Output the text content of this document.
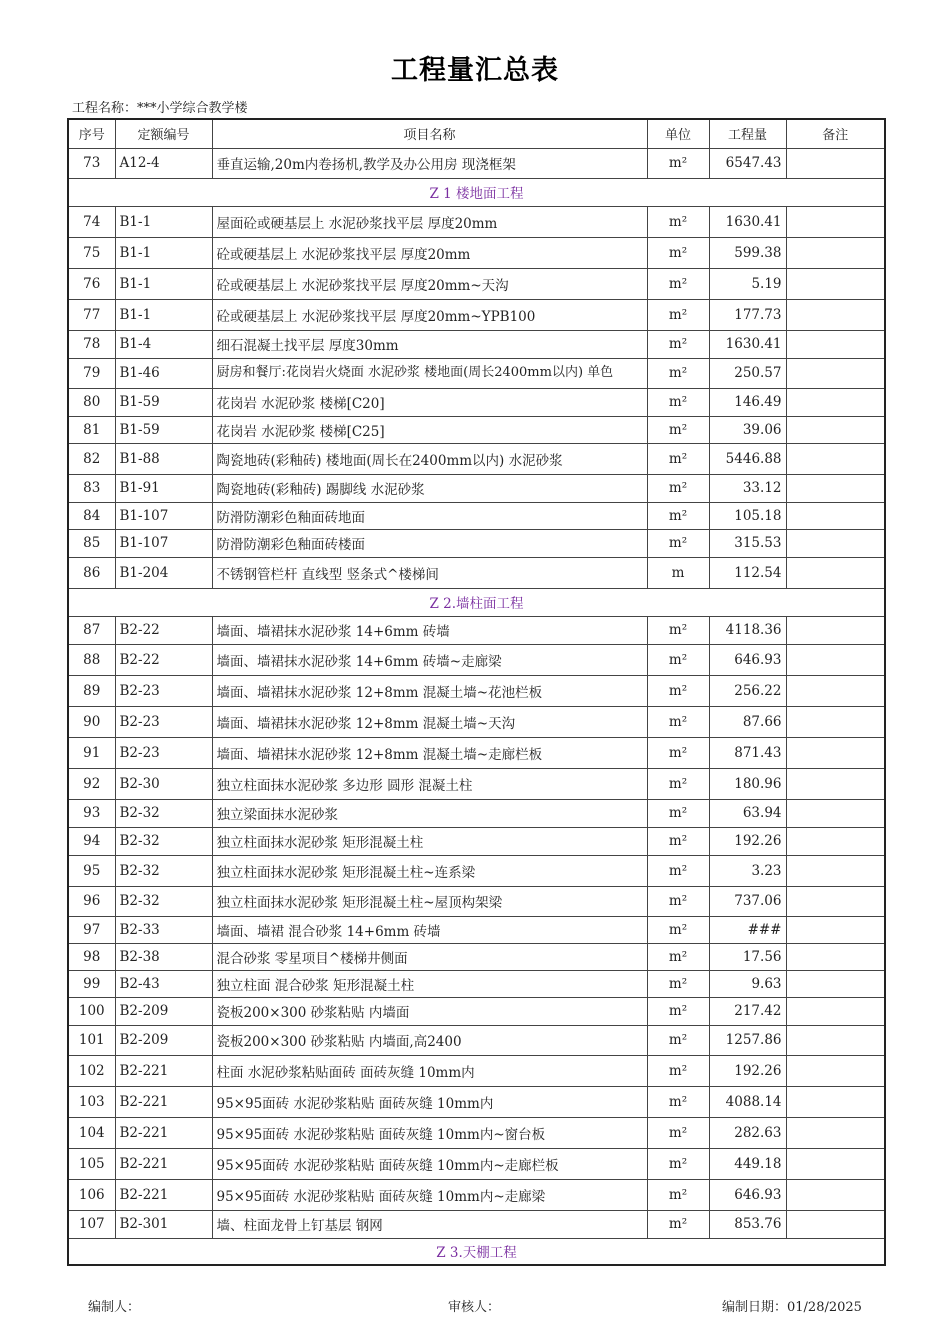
工程量汇总表
工程名称：***小学综合教学楼
序号	定额编号	项目名称	单位	工程量	备注
73	A12-4	垂直运输,20m内卷扬机,教学及办公用房 现浇框架	m²	6547.43	
Z 1 楼地面工程					
74	B1-1	屋面砼或硬基层上 水泥砂浆找平层 厚度20mm	m²	1630.41	
75	B1-1	砼或硬基层上 水泥砂浆找平层 厚度20mm	m²	599.38	
76	B1-1	砼或硬基层上 水泥砂浆找平层 厚度20mm~天沟	m²	5.19	
77	B1-1	砼或硬基层上 水泥砂浆找平层 厚度20mm~YPB100	m²	177.73	
78	B1-4	细石混凝土找平层 厚度30mm	m²	1630.41	
79	B1-46	厨房和餐厅:花岗岩火烧面 水泥砂浆 楼地面(周长2400mm以内) 单色	m²	250.57	
80	B1-59	花岗岩 水泥砂浆 楼梯[C20]	m²	146.49	
81	B1-59	花岗岩 水泥砂浆 楼梯[C25]	m²	39.06	
82	B1-88	陶瓷地砖(彩釉砖) 楼地面(周长在2400mm以内) 水泥砂浆	m²	5446.88	
83	B1-91	陶瓷地砖(彩釉砖) 踢脚线 水泥砂浆	m²	33.12	
84	B1-107	防滑防潮彩色釉面砖地面	m²	105.18	
85	B1-107	防滑防潮彩色釉面砖楼面	m²	315.53	
86	B1-204	不锈钢管栏杆 直线型 竖条式^楼梯间	m	112.54	
Z 2.墙柱面工程					
87	B2-22	墙面、墙裙抹水泥砂浆 14+6mm 砖墙	m²	4118.36	
88	B2-22	墙面、墙裙抹水泥砂浆 14+6mm 砖墙~走廊梁	m²	646.93	
89	B2-23	墙面、墙裙抹水泥砂浆 12+8mm 混凝土墙~花池栏板	m²	256.22	
90	B2-23	墙面、墙裙抹水泥砂浆 12+8mm 混凝土墙~天沟	m²	87.66	
91	B2-23	墙面、墙裙抹水泥砂浆 12+8mm 混凝土墙~走廊栏板	m²	871.43	
92	B2-30	独立柱面抹水泥砂浆 多边形 圆形 混凝土柱	m²	180.96	
93	B2-32	独立梁面抹水泥砂浆	m²	63.94	
94	B2-32	独立柱面抹水泥砂浆 矩形混凝土柱	m²	192.26	
95	B2-32	独立柱面抹水泥砂浆 矩形混凝土柱~连系梁	m²	3.23	
96	B2-32	独立柱面抹水泥砂浆 矩形混凝土柱~屋顶构架梁	m²	737.06	
97	B2-33	墙面、墙裙 混合砂浆 14+6mm 砖墙	m²	###	
98	B2-38	混合砂浆 零星项目^楼梯井侧面	m²	17.56	
99	B2-43	独立柱面 混合砂浆 矩形混凝土柱	m²	9.63	
100	B2-209	瓷板200×300 砂浆粘贴 内墙面	m²	217.42	
101	B2-209	瓷板200×300 砂浆粘贴 内墙面,高2400	m²	1257.86	
102	B2-221	柱面 水泥砂浆粘贴面砖 面砖灰缝 10mm内	m²	192.26	
103	B2-221	95×95面砖 水泥砂浆粘贴 面砖灰缝 10mm内	m²	4088.14	
104	B2-221	95×95面砖 水泥砂浆粘贴 面砖灰缝 10mm内~窗台板	m²	282.63	
105	B2-221	95×95面砖 水泥砂浆粘贴 面砖灰缝 10mm内~走廊栏板	m²	449.18	
106	B2-221	95×95面砖 水泥砂浆粘贴 面砖灰缝 10mm内~走廊梁	m²	646.93	
107	B2-301	墙、柱面龙骨上钉基层 钢网	m²	853.76	
Z 3.天棚工程					
编制人：	审核人：	编制日期：01/28/2025
